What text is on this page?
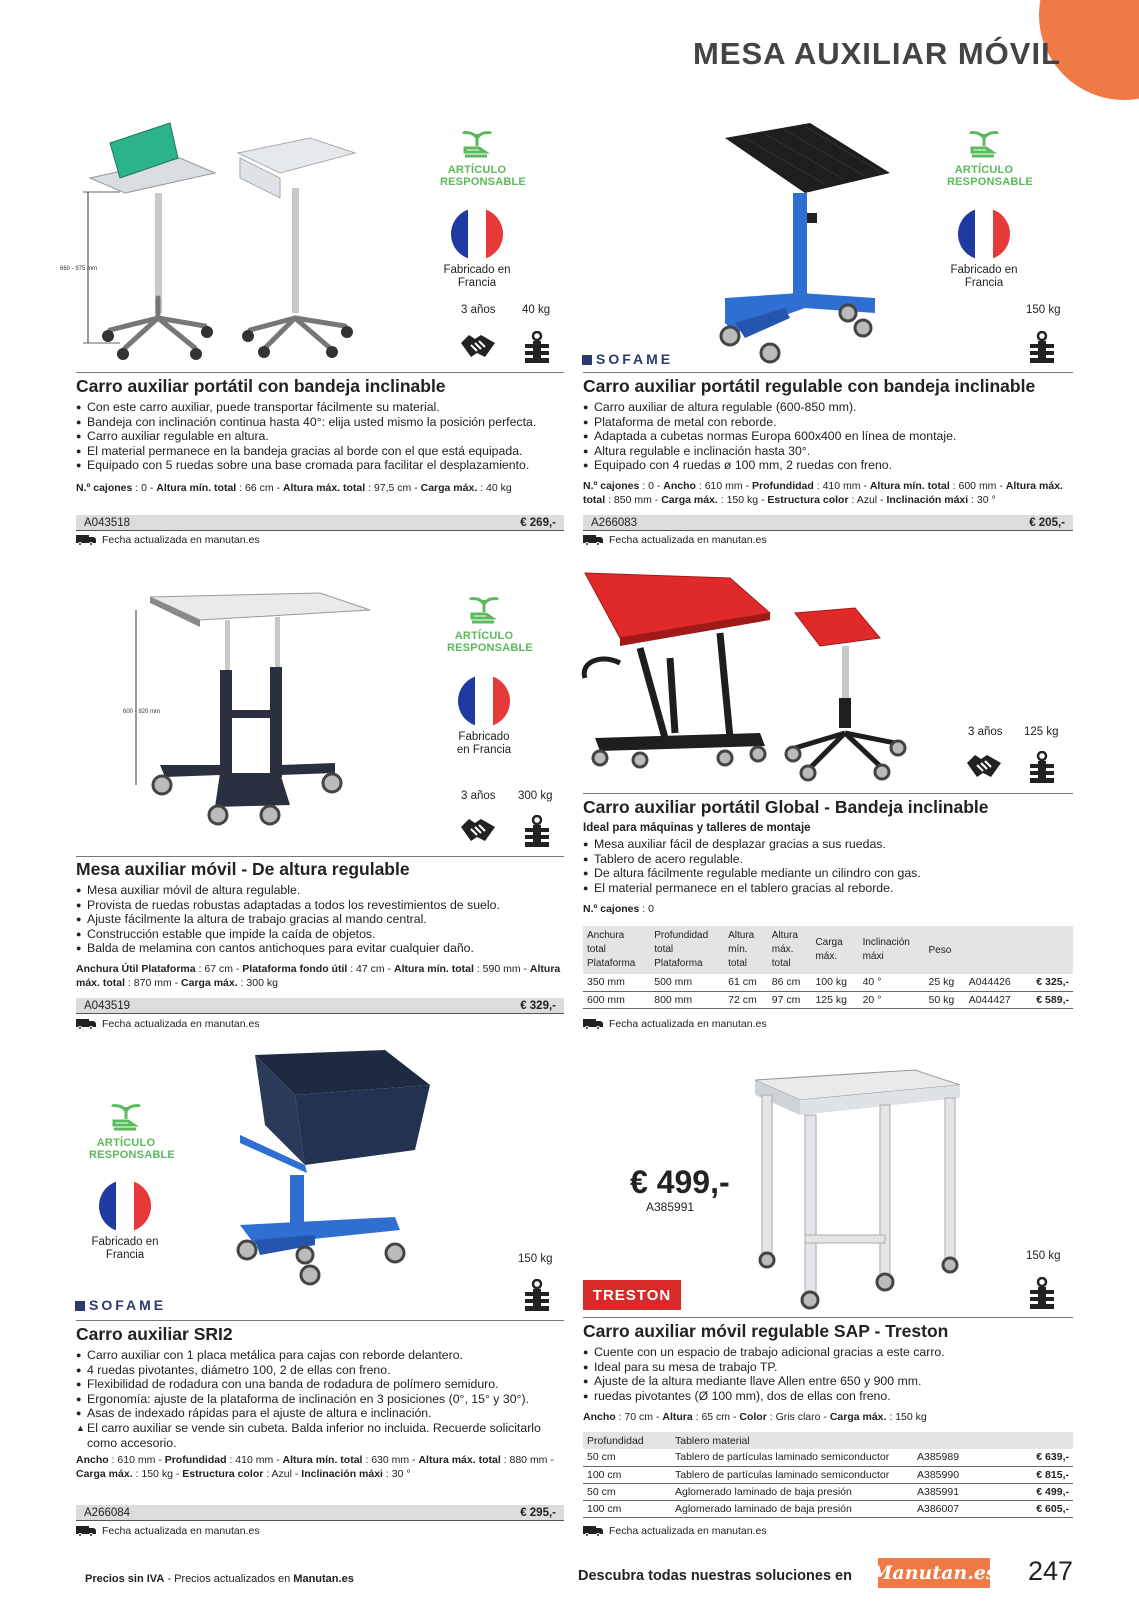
MESA AUXILIAR MÓVIL
660 - 975 mm
ARTÍCULO RESPONSABLE
Fabricado en
Francia
3 años 40 kg
Carro auxiliar portátil con bandeja inclinable
● Con este carro auxiliar, puede transportar fácilmente su material.
● Bandeja con inclinación continua hasta 40°: elija usted mismo la posición perfecta.
● Carro auxiliar regulable en altura.
● El material permanece en la bandeja gracias al borde con el que está equipada.
● Equipado con 5 ruedas sobre una base cromada para facilitar el desplazamiento.
N.º cajones : 0 - Altura mín. total : 66 cm - Altura máx. total : 97,5 cm - Carga máx. : 40 kg
A043518	€ 269,-
Fecha actualizada en manutan.es
SOFAME
ARTÍCULO RESPONSABLE
Fabricado en
Francia
150 kg
Carro auxiliar portátil regulable con bandeja inclinable
● Carro auxiliar de altura regulable (600-850 mm).
● Plataforma de metal con reborde.
● Adaptada a cubetas normas Europa 600x400 en línea de montaje.
● Altura regulable e inclinación hasta 30°.
● Equipado con 4 ruedas ø 100 mm, 2 ruedas con freno.
N.º cajones : 0 - Ancho : 610 mm - Profundidad : 410 mm - Altura mín. total : 600 mm - Altura máx. total : 850 mm - Carga máx. : 150 kg - Estructura color : Azul - Inclinación máxi : 30 °
A266083	€ 205,-
Fecha actualizada en manutan.es
600 - 920 mm
ARTÍCULO RESPONSABLE
Fabricado
en Francia
3 años 300 kg
Mesa auxiliar móvil - De altura regulable
● Mesa auxiliar móvil de altura regulable.
● Provista de ruedas robustas adaptadas a todos los revestimientos de suelo.
● Ajuste fácilmente la altura de trabajo gracias al mando central.
● Construcción estable que impide la caída de objetos.
● Balda de melamina con cantos antichoques para evitar cualquier daño.
Anchura Útil Plataforma : 67 cm - Plataforma fondo útil : 47 cm - Altura mín. total : 590 mm - Altura máx. total : 870 mm - Carga máx. : 300 kg
A043519	€ 329,-
Fecha actualizada en manutan.es
3 años 125 kg
Carro auxiliar portátil Global - Bandeja inclinable
Ideal para máquinas y talleres de montaje
● Mesa auxiliar fácil de desplazar gracias a sus ruedas.
● Tablero de acero regulable.
● De altura fácilmente regulable mediante un cilindro con gas.
● El material permanece en el tablero gracias al reborde.
N.º cajones : 0
Anchura
total
Plataforma	Profundidad
total
Plataforma	Altura
mín.
total	Altura
máx.
total	Carga
máx.	Inclinación
máxi	Peso		
350 mm	500 mm	61 cm	86 cm	100 kg	40 °	25 kg	A044426	€ 325,-
600 mm	800 mm	72 cm	97 cm	125 kg	20 °	50 kg	A044427	€ 589,-
Fecha actualizada en manutan.es
ARTÍCULO RESPONSABLE
Fabricado en
Francia
SOFAME
150 kg
Carro auxiliar SRI2
● Carro auxiliar con 1 placa metálica para cajas con reborde delantero.
● 4 ruedas pivotantes, diámetro 100, 2 de ellas con freno.
● Flexibilidad de rodadura con una banda de rodadura de polímero semiduro.
● Ergonomía: ajuste de la plataforma de inclinación en 3 posiciones (0°, 15° y 30°).
● Asas de indexado rápidas para el ajuste de altura e inclinación.
▲ El carro auxiliar se vende sin cubeta. Balda inferior no incluida. Recuerde solicitarlo
como accesorio.
Ancho : 610 mm - Profundidad : 410 mm - Altura mín. total : 630 mm - Altura máx. total : 880 mm - Carga máx. : 150 kg - Estructura color : Azul - Inclinación máxi : 30 °
A266084	€ 295,-
Fecha actualizada en manutan.es
€ 499,-
A385991
TRESTON
150 kg
Carro auxiliar móvil regulable SAP - Treston
● Cuente con un espacio de trabajo adicional gracias a este carro.
● Ideal para su mesa de trabajo TP.
● Ajuste de la altura mediante llave Allen entre 650 y 900 mm.
● ruedas pivotantes (Ø 100 mm), dos de ellas con freno.
Ancho : 70 cm - Altura : 65 cm - Color : Gris claro - Carga máx. : 150 kg
Profundidad	Tablero material		
50 cm	Tablero de partículas laminado semiconductor	A385989	€ 639,-
100 cm	Tablero de partículas laminado semiconductor	A385990	€ 815,-
50 cm	Aglomerado laminado de baja presión	A385991	€ 499,-
100 cm	Aglomerado laminado de baja presión	A386007	€ 605,-
Fecha actualizada en manutan.es
Precios sin IVA - Precios actualizados en Manutan.es	Descubra todas nuestras soluciones en Manutan.es 247
